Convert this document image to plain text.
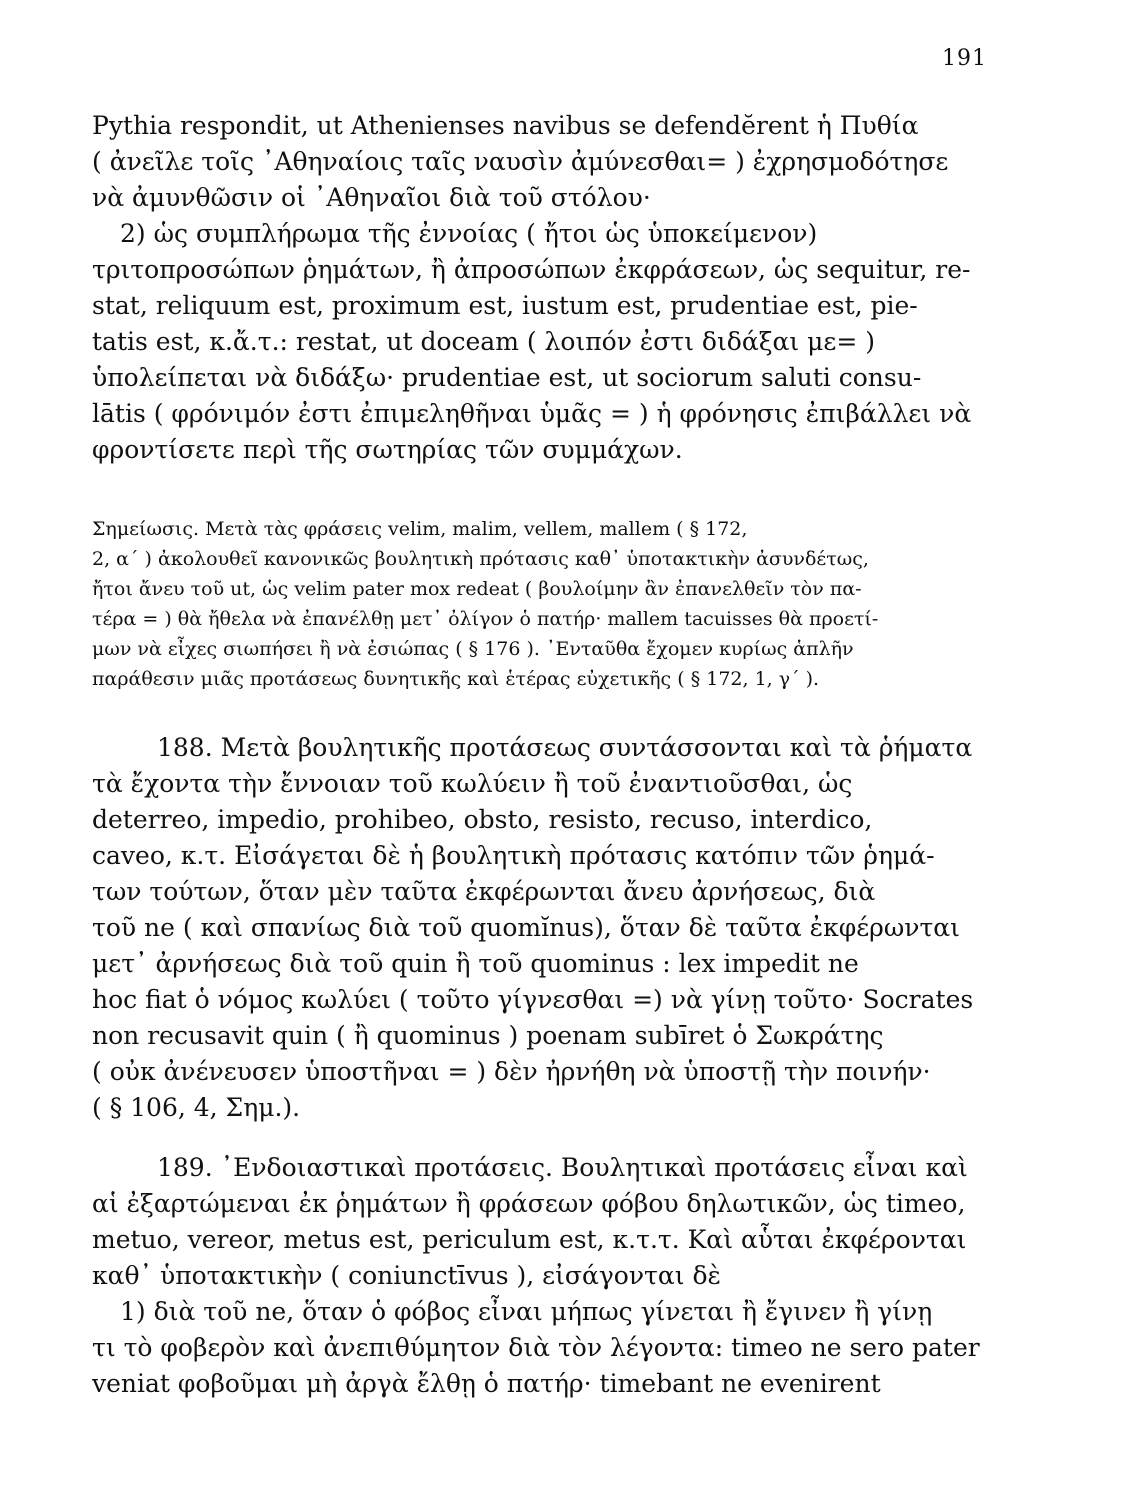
191
Pythia respondit, ut Athenienses navibus se defendĕrent ἡ Πυθία
( ἀνεῖλε τοῖς ᾿Αθηναίοις ταῖς ναυσὶν ἀμύνεσθαι= ) ἐχρησμοδότησε
νὰ ἀμυνθῶσιν οἱ ᾿Αθηναῖοι διὰ τοῦ στόλου·
2) ὡς συμπλήρωμα τῆς ἐννοίας ( ἤτοι ὡς ὑποκείμενον)
τριτοπροσώπων ῥημάτων, ἢ ἀπροσώπων ἐκφράσεων, ὡς sequitur, re-
stat, reliquum est, proximum est, iustum est, prudentiae est, pie-
tatis est, κ.ἄ.τ.: restat, ut doceam ( λοιπόν ἐστι διδάξαι με= )
ὑπολείπεται νὰ διδάξω· prudentiae est, ut sociorum saluti consu-
lātis ( φρόνιμόν ἐστι ἐπιμεληθῆναι ὑμᾶς = ) ἡ φρόνησις ἐπιβάλλει νὰ
φροντίσετε περὶ τῆς σωτηρίας τῶν συμμάχων.
Σημείωσις. Μετὰ τὰς φράσεις velim, malim, vellem, mallem ( § 172,
2, α΄ ) ἀκολουθεῖ κανονικῶς βουλητικὴ πρότασις καθ᾿ ὑποτακτικὴν ἀσυνδέτως,
ἤτοι ἄνευ τοῦ ut, ὡς velim pater mox redeat ( βουλοίμην ἂν ἐπανελθεῖν τὸν πα-
τέρα = ) θὰ ἤθελα νὰ ἐπανέλθῃ μετ᾿ ὀλίγον ὁ πατήρ· mallem tacuisses θὰ προετί-
μων νὰ εἶχες σιωπήσει ἢ νὰ ἐσιώπας ( § 176 ). ᾿Ενταῦθα ἔχομεν κυρίως ἁπλῆν
παράθεσιν μιᾶς προτάσεως δυνητικῆς καὶ ἑτέρας εὐχετικῆς ( § 172, 1, γ΄ ).
188. Μετὰ βουλητικῆς προτάσεως συντάσσονται καὶ τὰ ῥήματα
τὰ ἔχοντα τὴν ἔννοιαν τοῦ κωλύειν ἢ τοῦ ἐναντιοῦσθαι, ὡς
deterreo, impedio, prohibeo, obsto, resisto, recuso, interdico,
caveo, κ.τ. Εἰσάγεται δὲ ἡ βουλητικὴ πρότασις κατόπιν τῶν ῥημά-
των τούτων, ὅταν μὲν ταῦτα ἐκφέρωνται ἄνευ ἀρνήσεως, διὰ
τοῦ ne ( καὶ σπανίως διὰ τοῦ quomĭnus), ὅταν δὲ ταῦτα ἐκφέρωνται
μετ᾿ ἀρνήσεως διὰ τοῦ quin ἢ τοῦ quominus : lex impedit ne
hoc fiat ὁ νόμος κωλύει ( τοῦτο γίγνεσθαι =) νὰ γίνῃ τοῦτο· Socrates
non recusavit quin ( ἢ quominus ) poenam subīret ὁ Σωκράτης
( οὐκ ἀνένευσεν ὑποστῆναι = ) δὲν ἠρνήθη νὰ ὑποστῇ τὴν ποινήν·
( § 106, 4, Σημ.).
189. ᾿Ενδοιαστικαὶ προτάσεις. Βουλητικαὶ προτάσεις εἶναι καὶ
αἱ ἐξαρτώμεναι ἐκ ῥημάτων ἢ φράσεων φόβου δηλωτικῶν, ὡς timeo,
metuo, vereor, metus est, periculum est, κ.τ.τ. Καὶ αὗται ἐκφέρονται
καθ᾿ ὑποτακτικὴν ( coniunctīvus ), εἰσάγονται δὲ
1) διὰ τοῦ ne, ὅταν ὁ φόβος εἶναι μήπως γίνεται ἢ ἔγινεν ἢ γίνῃ
τι τὸ φοβερὸν καὶ ἀνεπιθύμητον διὰ τὸν λέγοντα: timeo ne sero pater
veniat φοβοῦμαι μὴ ἀργὰ ἔλθῃ ὁ πατήρ· timebant ne evenirent
